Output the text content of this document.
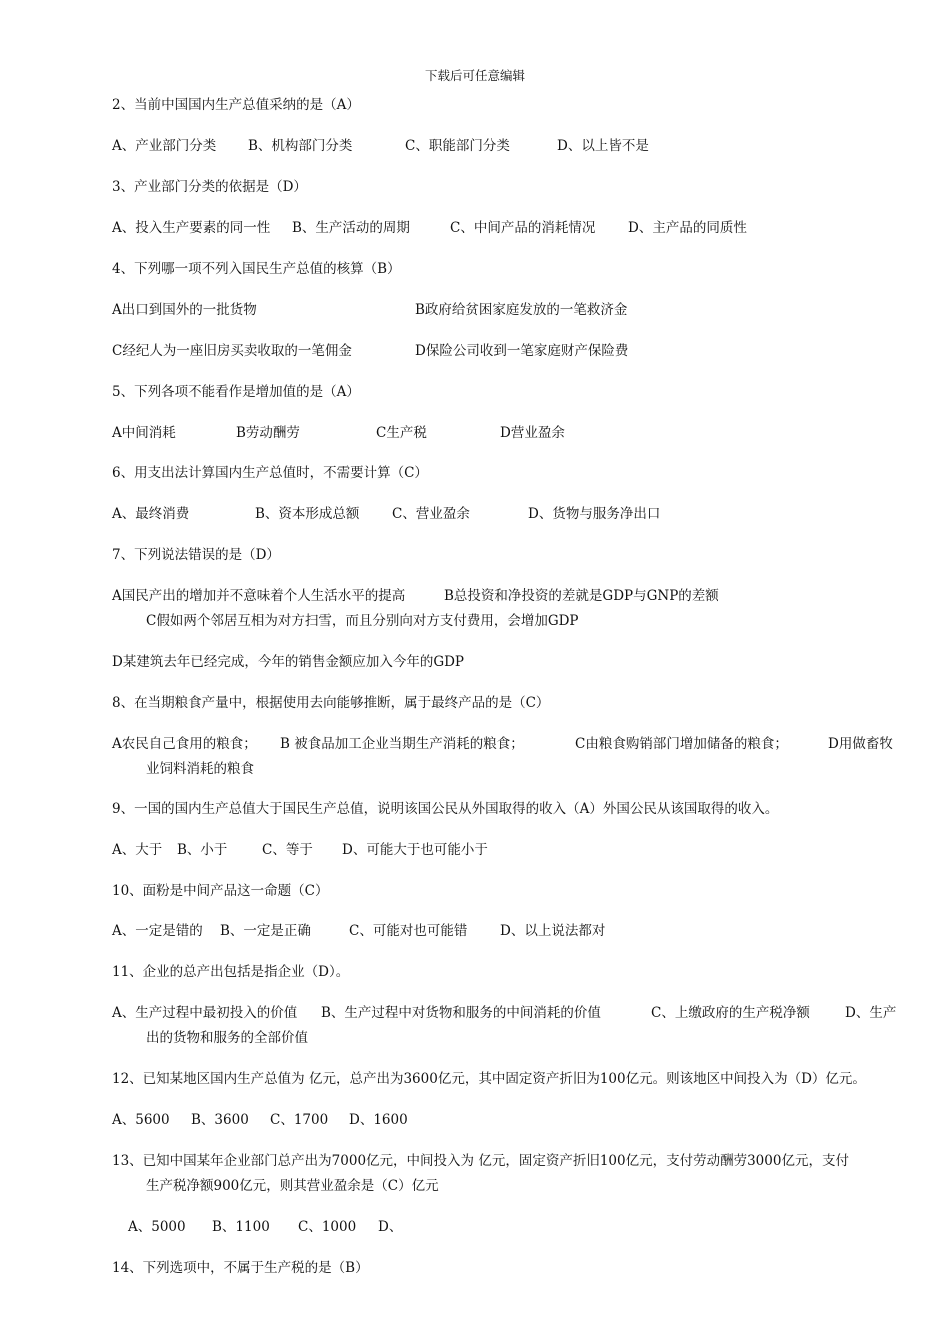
下载后可任意编辑
2、当前中国国内生产总值采纳的是（A）
A、产业部门分类 B、机构部门分类	C、职能部门分类	D、以上皆不是
3、产业部门分类的依据是（D）
A、投入生产要素的同一性 B、生产活动的周期	C、中间产品的消耗情况 D、主产品的同质性
4、下列哪一项不列入国民生产总值的核算（B）
A出口到国外的一批货物	B政府给贫困家庭发放的一笔救济金
C经纪人为一座旧房买卖收取的一笔佣金	D保险公司收到一笔家庭财产保险费
5、下列各项不能看作是增加值的是（A）
A中间消耗	B劳动酬劳	C生产税	D营业盈余
6、用支出法计算国内生产总值时，不需要计算（C）
A、最终消费	B、资本形成总额 C、营业盈余	D、货物与服务净出口
7、下列说法错误的是（D）
A国民产出的增加并不意味着个人生活水平的提高	B总投资和净投资的差就是GDP与GNP的差额
C假如两个邻居互相为对方扫雪，而且分别向对方支付费用，会增加GDP
D某建筑去年已经完成，今年的销售金额应加入今年的GDP
8、在当期粮食产量中，根据使用去向能够推断，属于最终产品的是（C）
A农民自己食用的粮食； B 被食品加工企业当期生产消耗的粮食；	C由粮食购销部门增加储备的粮食；	D用做畜牧
业饲料消耗的粮食
9、一国的国内生产总值大于国民生产总值，说明该国公民从外国取得的收入（A）外国公民从该国取得的收入。
A、大于 B、小于	C、等于 D、可能大于也可能小于
10、面粉是中间产品这一命题（C）
A、一定是错的 B、一定是正确	C、可能对也可能错 D、以上说法都对
11、企业的总产出包括是指企业（D）。
A、生产过程中最初投入的价值 B、生产过程中对货物和服务的中间消耗的价值	C、上缴政府的生产税净额	D、生产
出的货物和服务的全部价值
12、已知某地区国内生产总值为 亿元，总产出为3600亿元，其中固定资产折旧为100亿元。则该地区中间投入为（D）亿元。
A、5600 B、3600 C、1700 D、1600
13、已知中国某年企业部门总产出为7000亿元，中间投入为 亿元，固定资产折旧100亿元，支付劳动酬劳3000亿元，支付
生产税净额900亿元，则其营业盈余是（C）亿元
A、5000 B、1100 C、1000 D、
14、下列选项中，不属于生产税的是（B）
